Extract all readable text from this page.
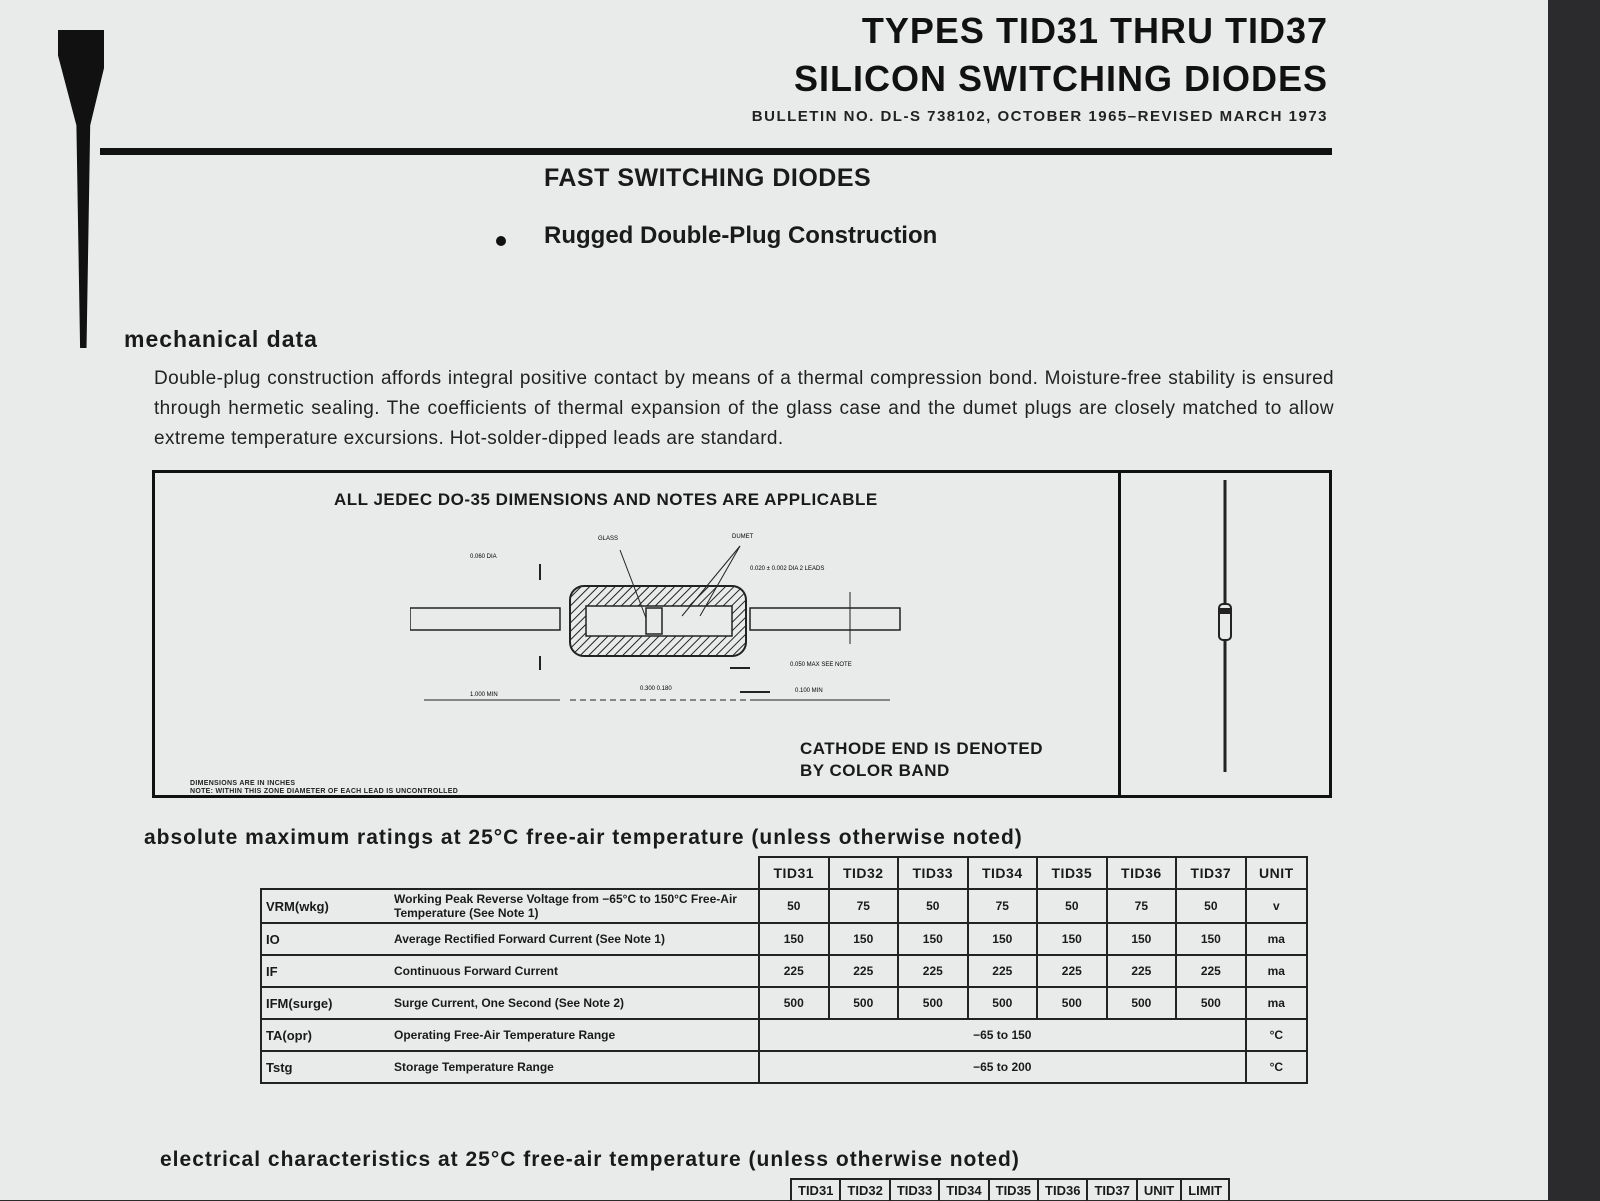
TYPES TID31 THRU TID37
SILICON SWITCHING DIODES
BULLETIN NO. DL-S 738102, OCTOBER 1965–REVISED MARCH 1973
FAST SWITCHING DIODES
Rugged Double-Plug Construction
mechanical data
Double-plug construction affords integral positive contact by means of a thermal compression bond. Moisture-free stability is ensured through hermetic sealing. The coefficients of thermal expansion of the glass case and the dumet plugs are closely matched to allow extreme temperature excursions. Hot-solder-dipped leads are standard.
ALL JEDEC DO-35 DIMENSIONS AND NOTES ARE APPLICABLE
GLASS	DUMET
0.060 DIA
0.020 ± 0.002 DIA 2 LEADS
1.000 MIN
0.300 0.180
0.050 MAX SEE NOTE
0.100 MIN
CATHODE END IS DENOTED
BY COLOR BAND
DIMENSIONS ARE IN INCHES
NOTE: WITHIN THIS ZONE DIAMETER OF EACH LEAD IS UNCONTROLLED
absolute maximum ratings at 25°C free-air temperature (unless otherwise noted)
		TID31	TID32	TID33	TID34	TID35	TID36	TID37	UNIT
VRM(wkg)	Working Peak Reverse Voltage from −65°C to 150°C Free-Air Temperature (See Note 1)	50	75	50	75	50	75	50	v
IO	Average Rectified Forward Current (See Note 1)	150	150	150	150	150	150	150	ma
IF	Continuous Forward Current	225	225	225	225	225	225	225	ma
IFM(surge)	Surge Current, One Second (See Note 2)	500	500	500	500	500	500	500	ma
TA(opr)	Operating Free-Air Temperature Range	−65 to 150							°C
Tstg	Storage Temperature Range	−65 to 200							°C
electrical characteristics at 25°C free-air temperature (unless otherwise noted)
TID31	TID32	TID33	TID34	TID35	TID36	TID37	UNIT	LIMIT
